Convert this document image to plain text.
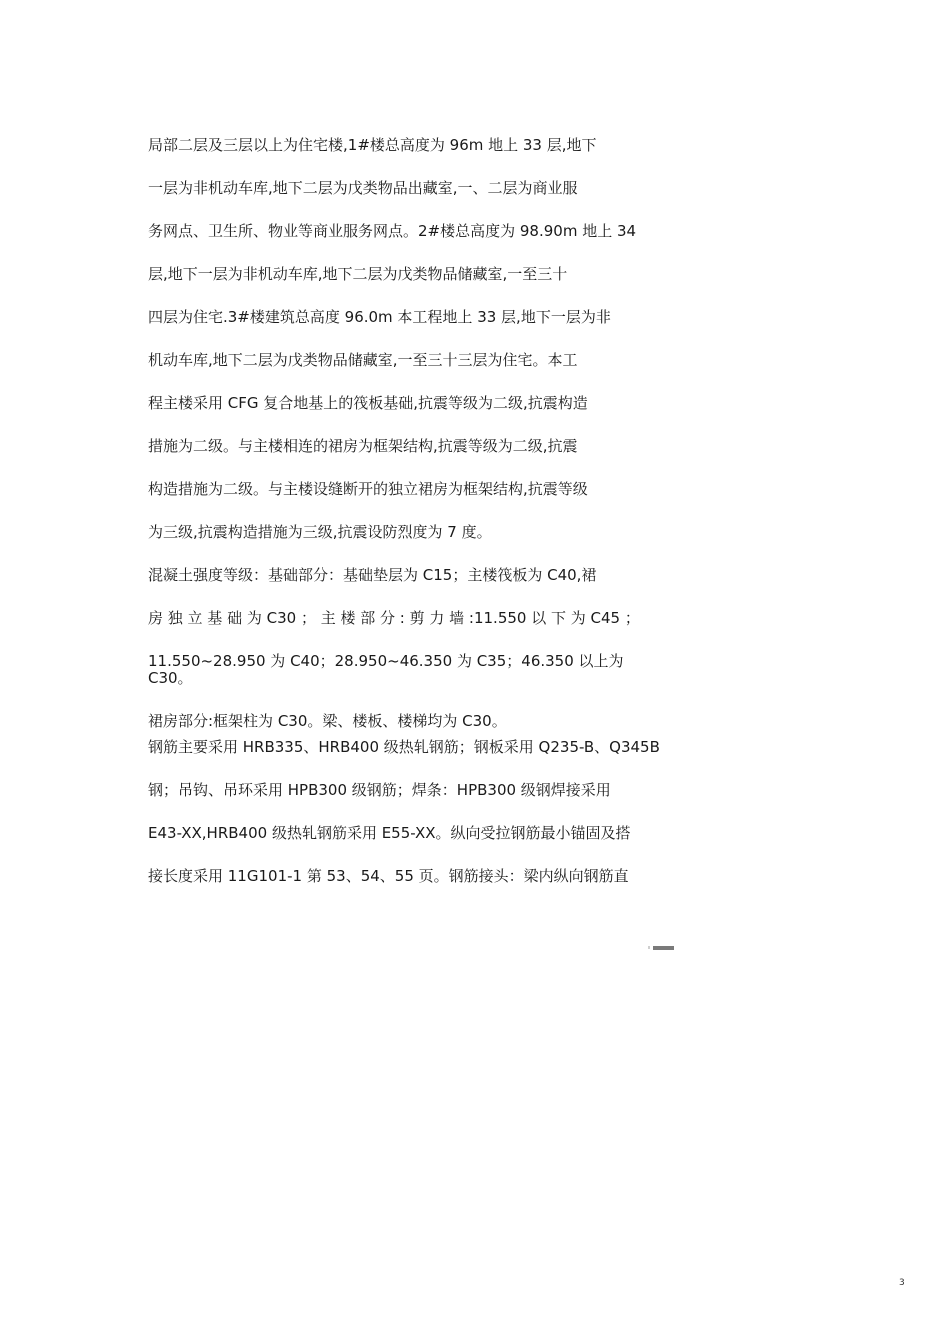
局部二层及三层以上为住宅楼,1#楼总高度为 96m 地上 33 层,地下
一层为非机动车库,地下二层为戊类物品出藏室,一、二层为商业服
务网点、卫生所、物业等商业服务网点。2#楼总高度为 98.90m 地上 34
层,地下一层为非机动车库,地下二层为戊类物品储藏室,一至三十
四层为住宅.3#楼建筑总高度 96.0m 本工程地上 33 层,地下一层为非
机动车库,地下二层为戊类物品储藏室,一至三十三层为住宅。本工
程主楼采用 CFG 复合地基上的筏板基础,抗震等级为二级,抗震构造
措施为二级。与主楼相连的裙房为框架结构,抗震等级为二级,抗震
构造措施为二级。与主楼设缝断开的独立裙房为框架结构,抗震等级
为三级,抗震构造措施为三级,抗震设防烈度为 7 度。
混凝土强度等级：基础部分：基础垫层为 C15；主楼筏板为 C40,裙
房 独 立 基 础 为 C30 ； 主 楼 部 分 : 剪 力 墙 :11.550 以 下 为 C45 ；
11.550~28.950 为 C40；28.950~46.350 为 C35；46.350 以上为
C30。
裙房部分:框架柱为 C30。梁、楼板、楼梯均为 C30。
钢筋主要采用 HRB335、HRB400 级热轧钢筋；钢板采用 Q235-B、Q345B
钢；吊钩、吊环采用 HPB300 级钢筋；焊条：HPB300 级钢焊接采用
E43-XX,HRB400 级热轧钢筋采用 E55-XX。纵向受拉钢筋最小锚固及搭
接长度采用 11G101-1 第 53、54、55 页。钢筋接头：梁内纵向钢筋直
3
